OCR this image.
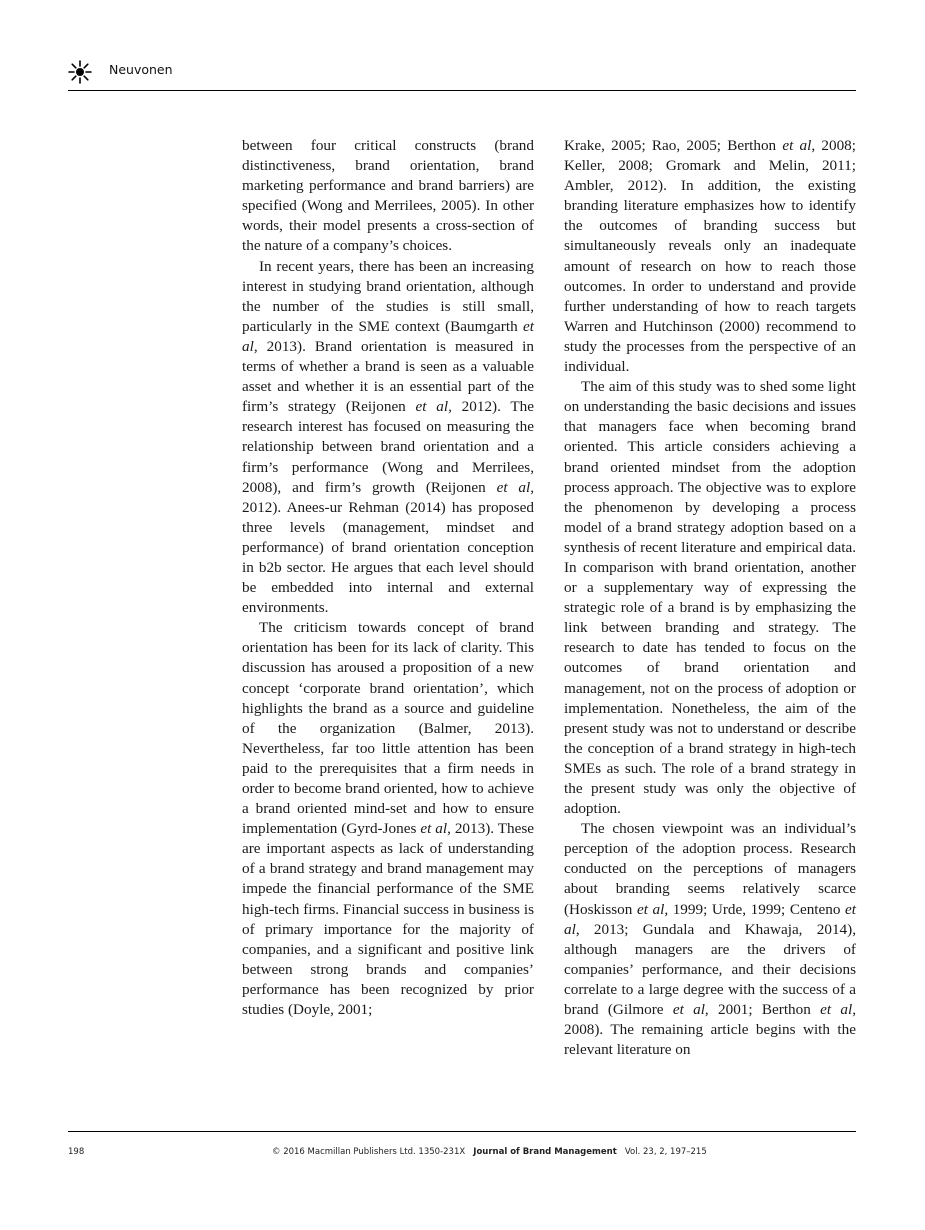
Neuvonen

between four critical constructs (brand distinctiveness, brand orientation, brand marketing performance and brand barriers) are specified (Wong and Merrilees, 2005). In other words, their model presents a cross-section of the nature of a company’s choices.

In recent years, there has been an increasing interest in studying brand orientation, although the number of the studies is still small, particularly in the SME context (Baumgarth et al, 2013). Brand orientation is measured in terms of whether a brand is seen as a valuable asset and whether it is an essential part of the firm’s strategy (Reijonen et al, 2012). The research interest has focused on measuring the relationship between brand orientation and a firm’s performance (Wong and Merrilees, 2008), and firm’s growth (Reijonen et al, 2012). Anees-ur Rehman (2014) has proposed three levels (management, mindset and performance) of brand orientation conception in b2b sector. He argues that each level should be embedded into internal and external environments.

The criticism towards concept of brand orientation has been for its lack of clarity. This discussion has aroused a proposition of a new concept ‘corporate brand orientation’, which highlights the brand as a source and guideline of the organization (Balmer, 2013). Nevertheless, far too little attention has been paid to the prerequisites that a firm needs in order to become brand oriented, how to achieve a brand oriented mind-set and how to ensure implementation (Gyrd-Jones et al, 2013). These are important aspects as lack of understanding of a brand strategy and brand management may impede the financial performance of the SME high-tech firms. Financial success in business is of primary importance for the majority of companies, and a significant and positive link between strong brands and companies’ performance has been recognized by prior studies (Doyle, 2001;

Krake, 2005; Rao, 2005; Berthon et al, 2008; Keller, 2008; Gromark and Melin, 2011; Ambler, 2012). In addition, the existing branding literature emphasizes how to identify the outcomes of branding success but simultaneously reveals only an inadequate amount of research on how to reach those outcomes. In order to understand and provide further understanding of how to reach targets Warren and Hutchinson (2000) recommend to study the processes from the perspective of an individual.

The aim of this study was to shed some light on understanding the basic decisions and issues that managers face when becoming brand oriented. This article considers achieving a brand oriented mindset from the adoption process approach. The objective was to explore the phenomenon by developing a process model of a brand strategy adoption based on a synthesis of recent literature and empirical data. In comparison with brand orientation, another or a supplementary way of expressing the strategic role of a brand is by emphasizing the link between branding and strategy. The research to date has tended to focus on the outcomes of brand orientation and management, not on the process of adoption or implementation. Nonetheless, the aim of the present study was not to understand or describe the conception of a brand strategy in high-tech SMEs as such. The role of a brand strategy in the present study was only the objective of adoption.

The chosen viewpoint was an individual’s perception of the adoption process. Research conducted on the perceptions of managers about branding seems relatively scarce (Hoskisson et al, 1999; Urde, 1999; Centeno et al, 2013; Gundala and Khawaja, 2014), although managers are the drivers of companies’ performance, and their decisions correlate to a large degree with the success of a brand (Gilmore et al, 2001; Berthon et al, 2008). The remaining article begins with the relevant literature on

198	© 2016 Macmillan Publishers Ltd. 1350-231X Journal of Brand Management Vol. 23, 2, 197–215
